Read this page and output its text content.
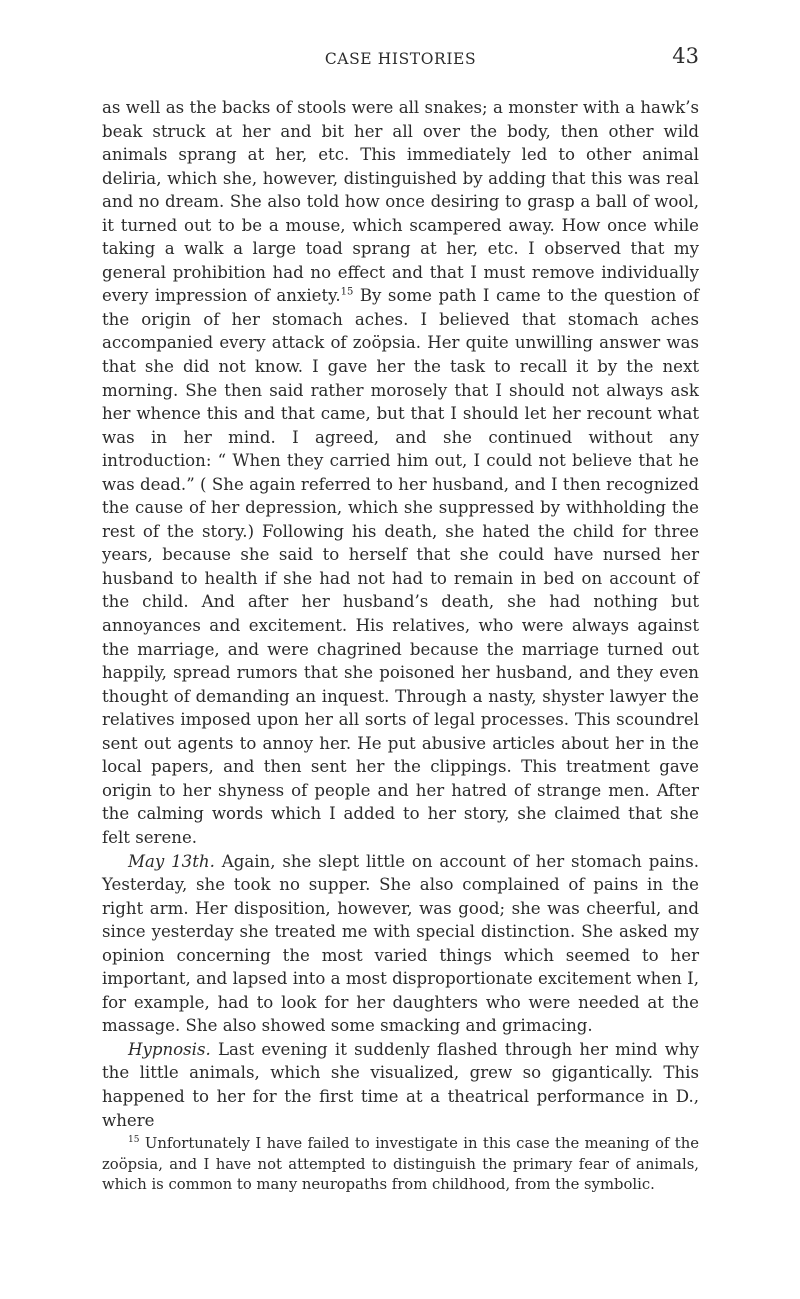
CASE HISTORIES	43

as well as the backs of stools were all snakes; a monster with a hawk’s beak struck at her and bit her all over the body, then other wild animals sprang at her, etc. This immediately led to other animal deliria, which she, however, distinguished by adding that this was real and no dream. She also told how once desiring to grasp a ball of wool, it turned out to be a mouse, which scampered away. How once while taking a walk a large toad sprang at her, etc. I observed that my general prohibition had no effect and that I must remove individually every impression of anxiety.$^{15}$ By some path I came to the question of the origin of her stomach aches. I believed that stomach aches accompanied every attack of zoöpsia. Her quite unwilling answer was that she did not know. I gave her the task to recall it by the next morning. She then said rather morosely that I should not always ask her whence this and that came, but that I should let her recount what was in her mind. I agreed, and she continued without any introduction: “ When they carried him out, I could not believe that he was dead.” ( She again referred to her husband, and I then recognized the cause of her depression, which she suppressed by withholding the rest of the story.) Following his death, she hated the child for three years, because she said to herself that she could have nursed her husband to health if she had not had to remain in bed on account of the child. And after her husband’s death, she had nothing but annoyances and excitement. His relatives, who were always against the marriage, and were chagrined because the marriage turned out happily, spread rumors that she poisoned her husband, and they even thought of demanding an inquest. Through a nasty, shyster lawyer the relatives imposed upon her all sorts of legal processes. This scoundrel sent out agents to annoy her. He put abusive articles about her in the local papers, and then sent her the clippings. This treatment gave origin to her shyness of people and her hatred of strange men. After the calming words which I added to her story, she claimed that she felt serene.

May 13th. Again, she slept little on account of her stomach pains. Yesterday, she took no supper. She also complained of pains in the right arm. Her disposition, however, was good; she was cheerful, and since yesterday she treated me with special distinction. She asked my opinion concerning the most varied things which seemed to her important, and lapsed into a most disproportionate excitement when I, for example, had to look for her daughters who were needed at the massage. She also showed some smacking and grimacing.

Hypnosis. Last evening it suddenly flashed through her mind why the little animals, which she visualized, grew so gigantically. This happened to her for the first time at a theatrical performance in D., where

$^{15}$ Unfortunately I have failed to investigate in this case the meaning of the zoöpsia, and I have not attempted to distinguish the primary fear of animals, which is common to many neuropaths from childhood, from the symbolic.
